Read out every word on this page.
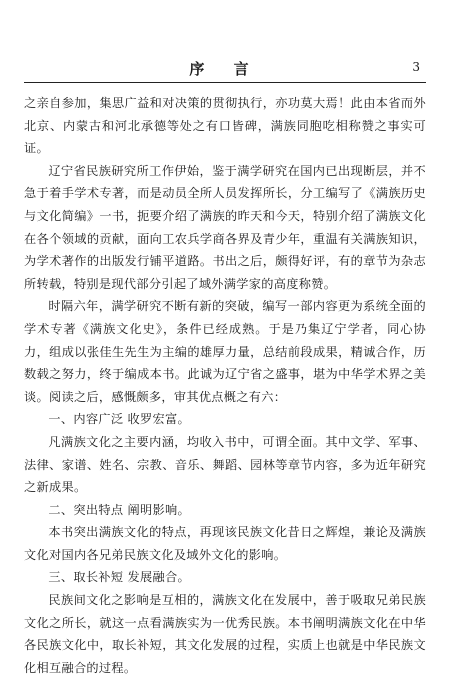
序 言	3

之亲自参加，集思广益和对决策的贯彻执行，亦功莫大焉！此由本省而外北京、内蒙古和河北承德等处之有口皆碑，满族同胞吃相称赞之事实可证。

辽宁省民族研究所工作伊始，鉴于满学研究在国内已出现断层，并不急于着手学术专著，而是动员全所人员发挥所长，分工编写了《满族历史与文化简编》一书，扼要介绍了满族的昨天和今天，特别介绍了满族文化在各个领域的贡献，面向工农兵学商各界及青少年，重温有关满族知识，为学术著作的出版发行铺平道路。书出之后，颇得好评，有的章节为杂志所转载，特别是现代部分引起了域外满学家的高度称赞。

时隔六年，满学研究不断有新的突破，编写一部内容更为系统全面的学术专著《满族文化史》，条件已经成熟。于是乃集辽宁学者，同心协力，组成以张佳生先生为主编的雄厚力量，总结前段成果，精诚合作，历数载之努力，终于编成本书。此诚为辽宁省之盛事，堪为中华学术界之美谈。阅读之后，感慨颇多，审其优点概之有六：

一、内容广泛 收罗宏富。

凡满族文化之主要内涵，均收入书中，可谓全面。其中文学、军事、法律、家谱、姓名、宗教、音乐、舞蹈、园林等章节内容，多为近年研究之新成果。

二、突出特点 阐明影响。

本书突出满族文化的特点，再现该民族文化昔日之辉煌，兼论及满族文化对国内各兄弟民族文化及域外文化的影响。

三、取长补短 发展融合。

民族间文化之影响是互相的，满族文化在发展中，善于吸取兄弟民族文化之所长，就这一点看满族实为一优秀民族。本书阐明满族文化在中华各民族文化中，取长补短，其文化发展的过程，实质上也就是中华民族文化相互融合的过程。
